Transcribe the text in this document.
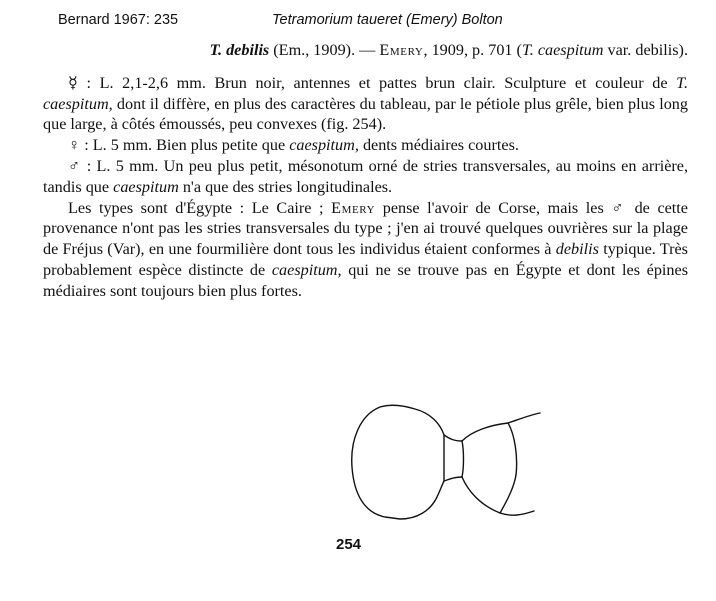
Bernard 1967: 235	Tetramorium taueret (Emery) Bolton
T. debilis (Em., 1909). — Emery, 1909, p. 701 (T. caespitum var. debilis).

☿ : L. 2,1-2,6 mm. Brun noir, antennes et pattes brun clair. Sculpture et couleur de T. caespitum, dont il diffère, en plus des caractères du tableau, par le pétiole plus grêle, bien plus long que large, à côtés émoussés, peu convexes (fig. 254).

♀ : L. 5 mm. Bien plus petite que caespitum, dents médiaires courtes.

♂ : L. 5 mm. Un peu plus petit, mésonotum orné de stries transversales, au moins en arrière, tandis que caespitum n'a que des stries longitudinales.

Les types sont d'Égypte : Le Caire ; Emery pense l'avoir de Corse, mais les ♂ de cette provenance n'ont pas les stries transversales du type ; j'en ai trouvé quelques ouvrières sur la plage de Fréjus (Var), en une fourmilière dont tous les individus étaient conformes à debilis typique. Très probablement espèce distincte de caespitum, qui ne se trouve pas en Égypte et dont les épines médiaires sont toujours bien plus fortes.

254
